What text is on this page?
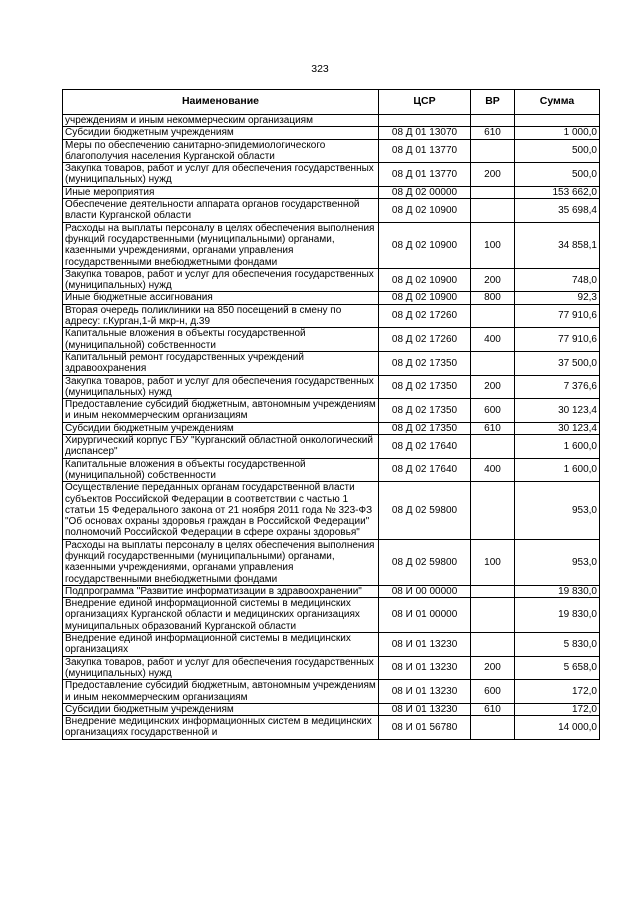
323
Наименование	ЦСР	ВР	Сумма
учреждениям и иным некоммерческим организациям			
Субсидии бюджетным учреждениям	08 Д 01 13070	610	1 000,0
Меры по обеспечению санитарно-эпидемиологического благополучия населения Курганской области	08 Д 01 13770		500,0
Закупка товаров, работ и услуг для обеспечения государственных (муниципальных) нужд	08 Д 01 13770	200	500,0
Иные мероприятия	08 Д 02 00000		153 662,0
Обеспечение деятельности аппарата органов государственной власти Курганской области	08 Д 02 10900		35 698,4
Расходы на выплаты персоналу в целях обеспечения выполнения функций государственными (муниципальными) органами, казенными учреждениями, органами управления государственными внебюджетными фондами	08 Д 02 10900	100	34 858,1
Закупка товаров, работ и услуг для обеспечения государственных (муниципальных) нужд	08 Д 02 10900	200	748,0
Иные бюджетные ассигнования	08 Д 02 10900	800	92,3
Вторая очередь поликлиники на 850 посещений в смену по адресу: г.Курган,1-й мкр-н, д.39	08 Д 02 17260		77 910,6
Капитальные вложения в объекты государственной (муниципальной) собственности	08 Д 02 17260	400	77 910,6
Капитальный ремонт государственных учреждений здравоохранения	08 Д 02 17350		37 500,0
Закупка товаров, работ и услуг для обеспечения государственных (муниципальных) нужд	08 Д 02 17350	200	7 376,6
Предоставление субсидий бюджетным, автономным учреждениям и иным некоммерческим организациям	08 Д 02 17350	600	30 123,4
Субсидии бюджетным учреждениям	08 Д 02 17350	610	30 123,4
Хирургический корпус ГБУ "Курганский областной онкологический диспансер"	08 Д 02 17640		1 600,0
Капитальные вложения в объекты государственной (муниципальной) собственности	08 Д 02 17640	400	1 600,0
Осуществление переданных органам государственной власти субъектов Российской Федерации в соответствии с частью 1 статьи 15 Федерального закона от 21 ноября 2011 года № 323-ФЗ "Об основах охраны здоровья граждан в Российской Федерации" полномочий Российской Федерации в сфере охраны здоровья"	08 Д 02 59800		953,0
Расходы на выплаты персоналу в целях обеспечения выполнения функций государственными (муниципальными) органами, казенными учреждениями, органами управления государственными внебюджетными фондами	08 Д 02 59800	100	953,0
Подпрограмма "Развитие информатизации в здравоохранении"	08 И 00 00000		19 830,0
Внедрение единой информационной системы в медицинских организациях Курганской области и медицинских организациях муниципальных образований Курганской области	08 И 01 00000		19 830,0
Внедрение единой информационной системы в медицинских организациях	08 И 01 13230		5 830,0
Закупка товаров, работ и услуг для обеспечения государственных (муниципальных) нужд	08 И 01 13230	200	5 658,0
Предоставление субсидий бюджетным, автономным учреждениям и иным некоммерческим организациям	08 И 01 13230	600	172,0
Субсидии бюджетным учреждениям	08 И 01 13230	610	172,0
Внедрение медицинских информационных систем в медицинских организациях государственной и	08 И 01 56780		14 000,0
